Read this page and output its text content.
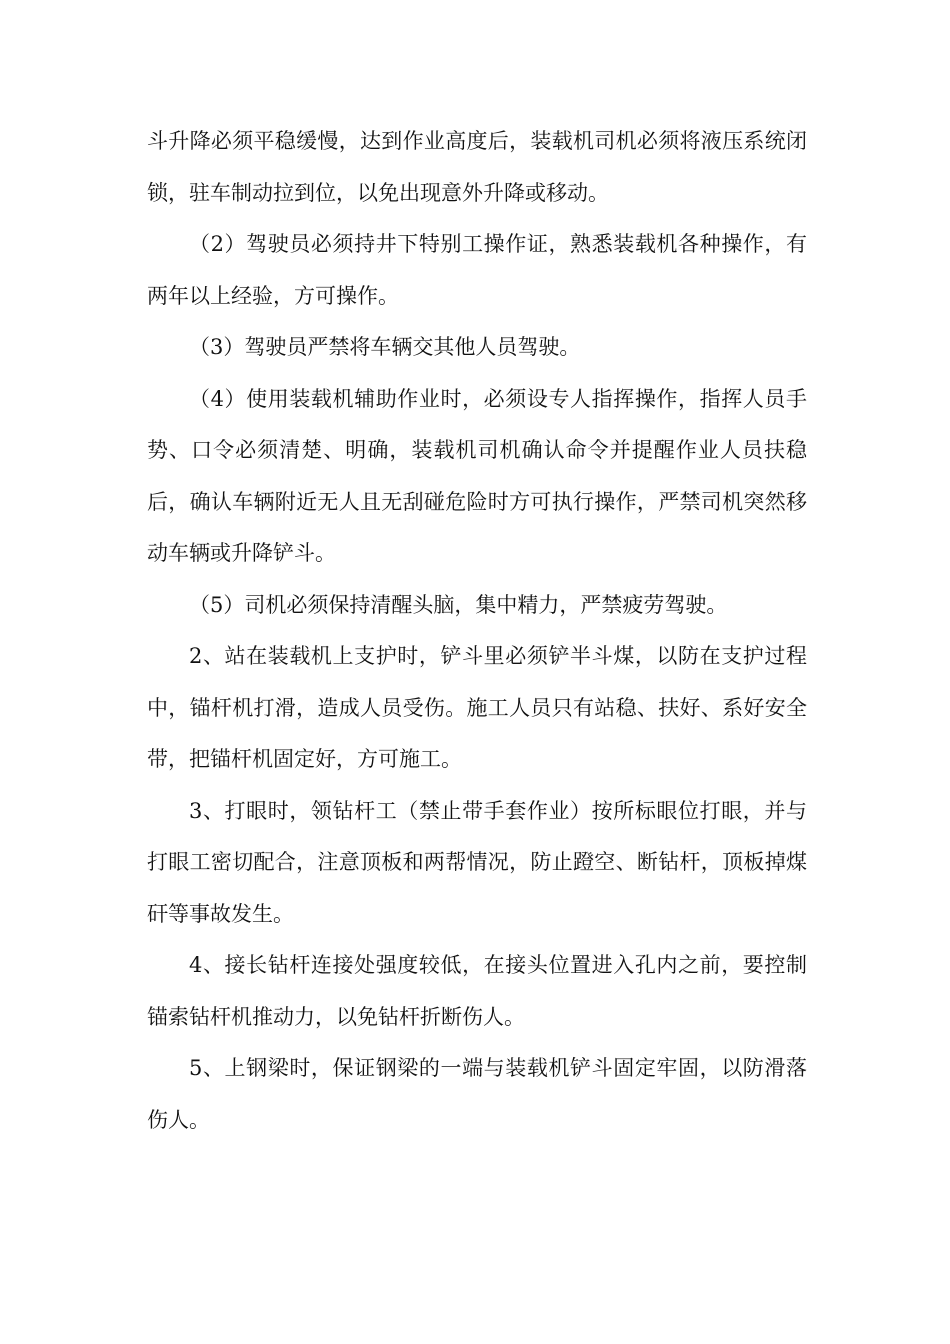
斗升降必须平稳缓慢，达到作业高度后，装载机司机必须将液压系统闭锁，驻车制动拉到位，以免出现意外升降或移动。

（2）驾驶员必须持井下特别工操作证，熟悉装载机各种操作，有两年以上经验，方可操作。

（3）驾驶员严禁将车辆交其他人员驾驶。

（4）使用装载机辅助作业时，必须设专人指挥操作，指挥人员手势、口令必须清楚、明确，装载机司机确认命令并提醒作业人员扶稳后，确认车辆附近无人且无刮碰危险时方可执行操作，严禁司机突然移动车辆或升降铲斗。

（5）司机必须保持清醒头脑，集中精力，严禁疲劳驾驶。

2、站在装载机上支护时，铲斗里必须铲半斗煤，以防在支护过程中，锚杆机打滑，造成人员受伤。施工人员只有站稳、扶好、系好安全带，把锚杆机固定好，方可施工。

3、打眼时，领钻杆工（禁止带手套作业）按所标眼位打眼，并与打眼工密切配合，注意顶板和两帮情况，防止蹬空、断钻杆，顶板掉煤矸等事故发生。

4、接长钻杆连接处强度较低，在接头位置进入孔内之前，要控制锚索钻杆机推动力，以免钻杆折断伤人。

5、上钢梁时，保证钢梁的一端与装载机铲斗固定牢固，以防滑落伤人。
